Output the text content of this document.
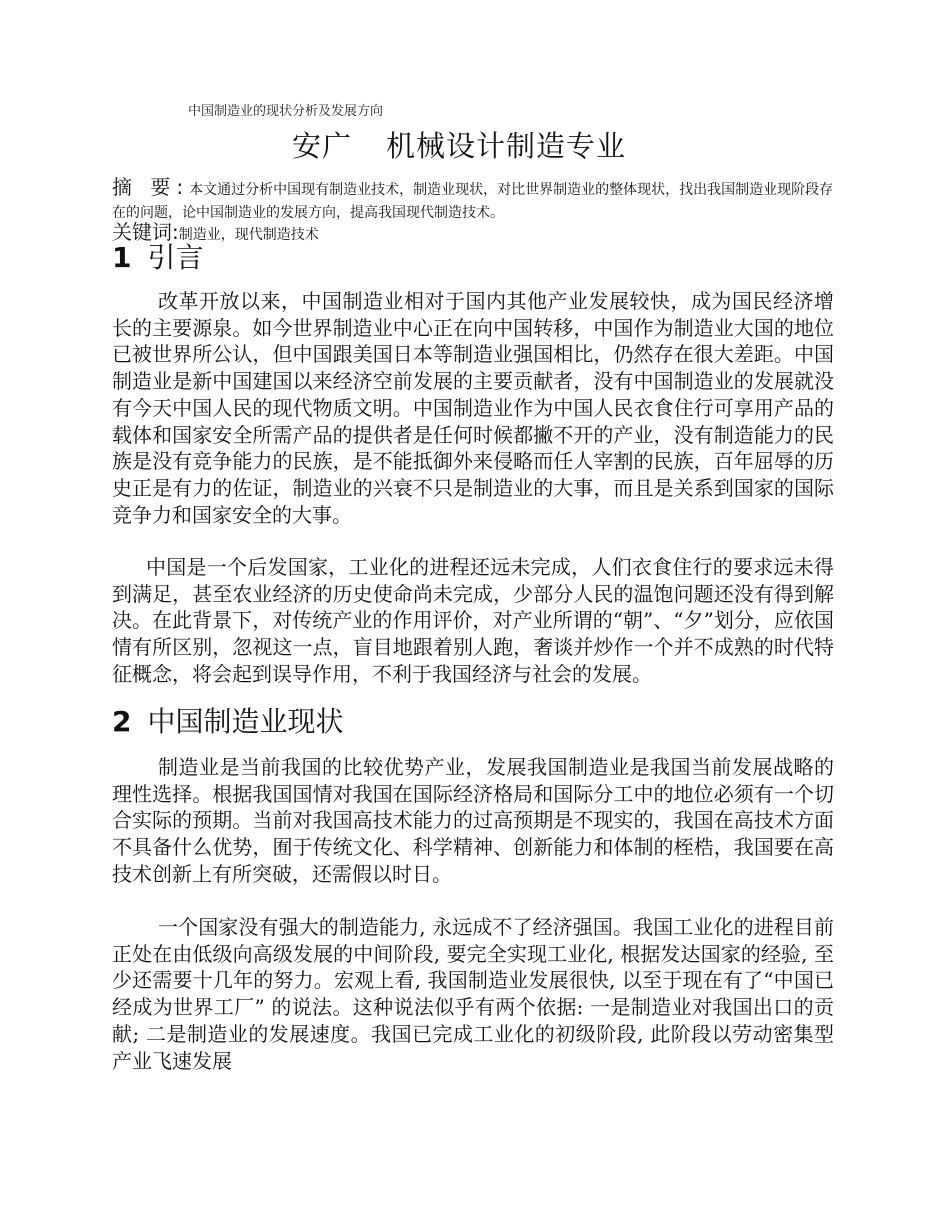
中国制造业的现状分析及发展方向
安广 机械设计制造专业
摘 要:本文通过分析中国现有制造业技术，制造业现状，对比世界制造业的整体现状，找出我国制造业现阶段存在的问题，论中国制造业的发展方向，提高我国现代制造技术。
关键词:制造业，现代制造技术
1 引言

改革开放以来，中国制造业相对于国内其他产业发展较快，成为国民经济增长的主要源泉。如今世界制造业中心正在向中国转移，中国作为制造业大国的地位已被世界所公认，但中国跟美国日本等制造业强国相比，仍然存在很大差距。中国制造业是新中国建国以来经济空前发展的主要贡献者，没有中国制造业的发展就没有今天中国人民的现代物质文明。中国制造业作为中国人民衣食住行可享用产品的载体和国家安全所需产品的提供者是任何时候都撇不开的产业，没有制造能力的民族是没有竞争能力的民族，是不能抵御外来侵略而任人宰割的民族，百年屈辱的历史正是有力的佐证，制造业的兴衰不只是制造业的大事，而且是关系到国家的国际竞争力和国家安全的大事。

中国是一个后发国家，工业化的进程还远未完成，人们衣食住行的要求远未得到满足，甚至农业经济的历史使命尚未完成，少部分人民的温饱问题还没有得到解决。在此背景下，对传统产业的作用评价，对产业所谓的“朝”、“夕”划分，应依国情有所区别，忽视这一点，盲目地跟着别人跑，奢谈并炒作一个并不成熟的时代特征概念，将会起到误导作用，不利于我国经济与社会的发展。

2 中国制造业现状

制造业是当前我国的比较优势产业，发展我国制造业是我国当前发展战略的理性选择。根据我国国情对我国在国际经济格局和国际分工中的地位必须有一个切合实际的预期。当前对我国高技术能力的过高预期是不现实的，我国在高技术方面不具备什么优势，囿于传统文化、科学精神、创新能力和体制的桎梏，我国要在高技术创新上有所突破，还需假以时日。

一个国家没有强大的制造能力, 永远成不了经济强国。我国工业化的进程目前正处在由低级向高级发展的中间阶段, 要完全实现工业化, 根据发达国家的经验, 至少还需要十几年的努力。宏观上看, 我国制造业发展很快, 以至于现在有了“中国已经成为世界工厂” 的说法。这种说法似乎有两个依据: 一是制造业对我国出口的贡献; 二是制造业的发展速度。我国已完成工业化的初级阶段, 此阶段以劳动密集型产业飞速发展
